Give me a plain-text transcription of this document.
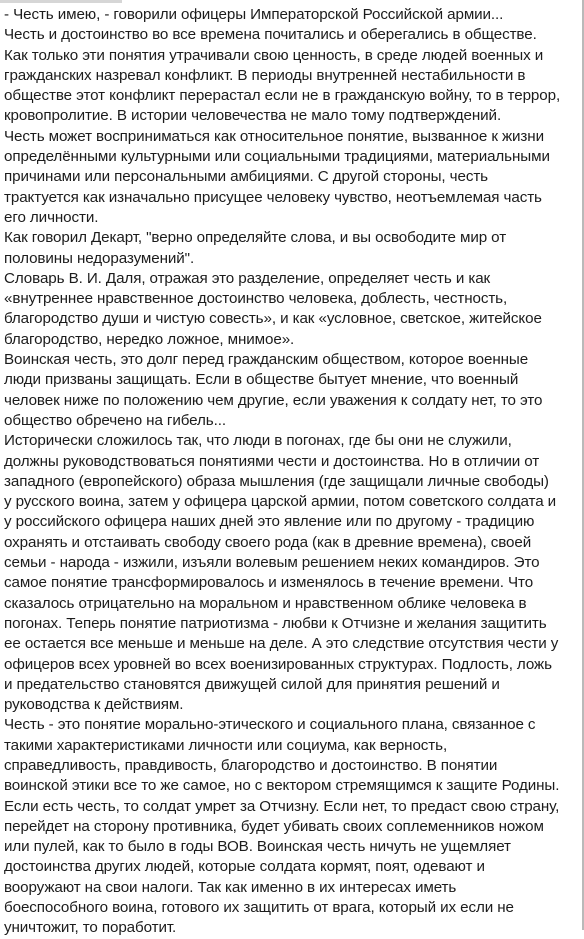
- Честь имею, - говорили офицеры Императорской Российской армии...
Честь и достоинство во все времена почитались и оберегались в обществе.
Как только эти понятия утрачивали свою ценность, в среде людей военных и
гражданских назревал конфликт. В периоды внутренней нестабильности в
обществе этот конфликт перерастал если не в гражданскую войну, то в террор,
кровопролитие. В истории человечества не мало тому подтверждений.
Честь может восприниматься как относительное понятие, вызванное к жизни
определёнными культурными или социальными традициями, материальными
причинами или персональными амбициями. С другой стороны, честь
трактуется как изначально присущее человеку чувство, неотъемлемая часть
его личности.
Как говорил Декарт, "верно определяйте слова, и вы освободите мир от
половины недоразумений".
Словарь В. И. Даля, отражая это разделение, определяет честь и как
«внутреннее нравственное достоинство человека, доблесть, честность,
благородство души и чистую совесть», и как «условное, светское, житейское
благородство, нередко ложное, мнимое».
Воинская честь, это долг перед гражданским обществом, которое военные
люди призваны защищать. Если в обществе бытует мнение, что военный
человек ниже по положению чем другие, если уважения к солдату нет, то это
общество обречено на гибель...
Исторически сложилось так, что люди в погонах, где бы они не служили,
должны руководствоваться понятиями чести и достоинства. Но в отличии от
западного (европейского) образа мышления (где защищали личные свободы)
у русского воина, затем у офицера царской армии, потом советского солдата и
у российского офицера наших дней это явление или по другому - традицию
охранять и отстаивать свободу своего рода (как в древние времена), своей
семьи - народа - изжили, изъяли волевым решением неких командиров. Это
самое понятие трансформировалось и изменялось в течение времени. Что
сказалось отрицательно на моральном и нравственном облике человека в
погонах. Теперь понятие патриотизма - любви к Отчизне и желания защитить
ее остается все меньше и меньше на деле. А это следствие отсутствия чести у
офицеров всех уровней во всех военизированных структурах. Подлость, ложь
и предательство становятся движущей силой для принятия решений и
руководства к действиям.
Честь - это понятие морально-этического и социального плана, связанное с
такими характеристиками личности или социума, как верность,
справедливость, правдивость, благородство и достоинство. В понятии
воинской этики все то же самое, но с вектором стремящимся к защите Родины.
Если есть честь, то солдат умрет за Отчизну. Если нет, то предаст свою страну,
перейдет на сторону противника, будет убивать своих соплеменников ножом
или пулей, как то было в годы ВОВ. Воинская честь ничуть не ущемляет
достоинства других людей, которые солдата кормят, поят, одевают и
вооружают на свои налоги. Так как именно в их интересах иметь
боеспособного воина, готового их защитить от врага, который их если не
уничтожит, то поработит.
